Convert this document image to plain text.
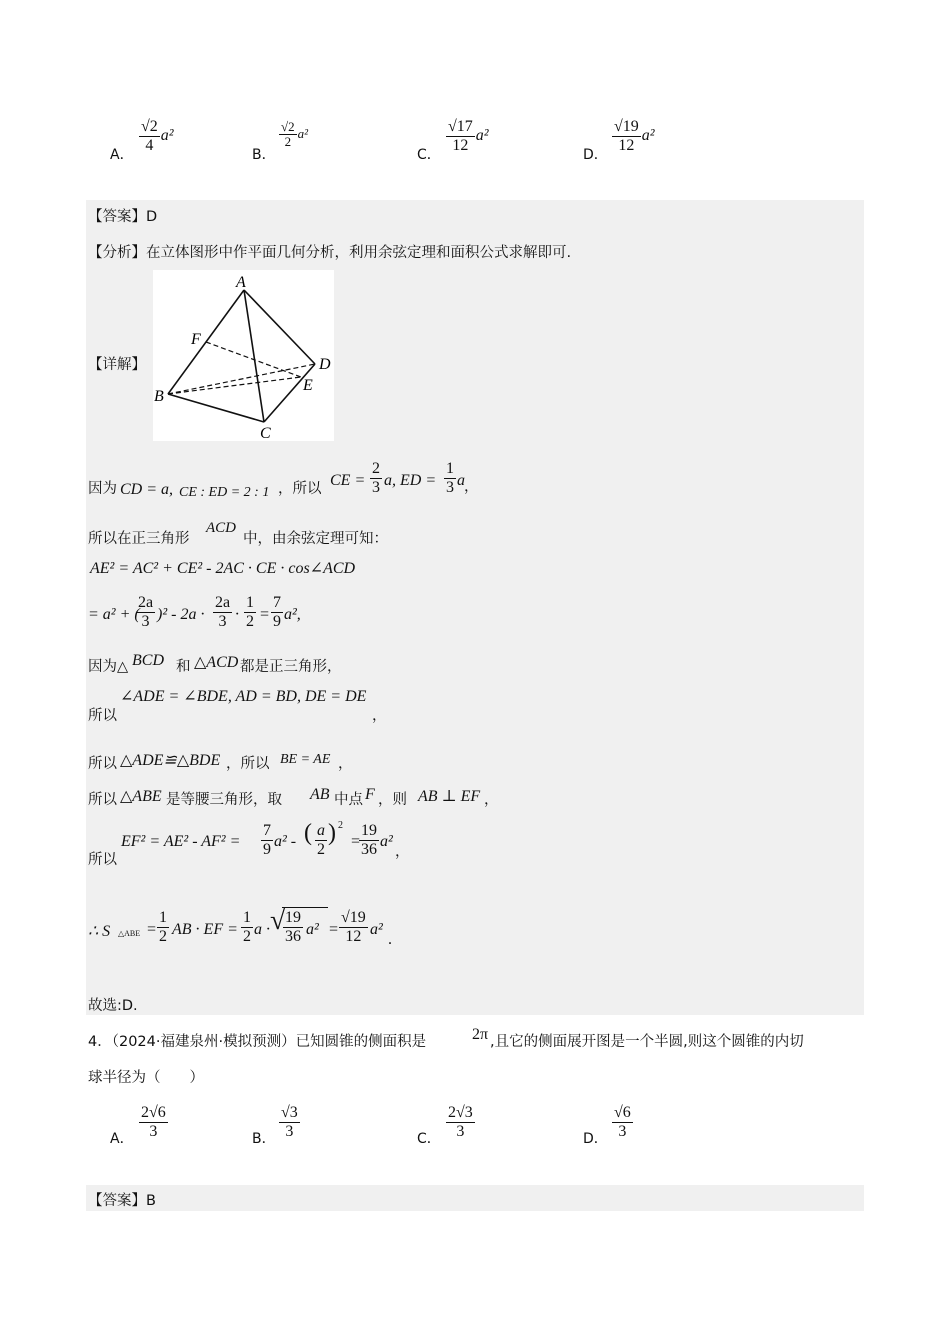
A．
$\frac{√2}{4} a^2$
B．
$\frac{√2}{2} a^2$
C．
$\frac{√17}{12} a^2$
D．
$\frac{√19}{12} a^2$
【答案】D
【分析】在立体图形中作平面几何分析，利用余弦定理和面积公式求解即可.
【详解】
A
B
C
D
E
F
因为 CD = a, CE : ED = 2 : 1 ，所以 CE = $\frac{2}{3} a$, ED = $\frac{1}{3}$ a ，
所以在正三角形
ACD
中，由余弦定理可知：
AE² = AC² + CE² - 2AC · CE · cos∠ACD
= a² + (
$\frac{2a}{3} )^2 - 2a \cdot \frac{2a}{3} \cdot \frac{1}{2} = \frac{7}{9} a^2$,
因为△ BCD 和 △ACD 都是正三角形，
∠ADE = ∠BDE, AD = BD, DE = DE
所以	，
所以 △ADE≌△BDE ，所以 BE = AE ，
所以 △ABE 是等腰三角形，取 AB 中点 F ，则 AB ⊥ EF ，
所以
$EF^2 = AE^2 - AF^2 = \frac{7}{9} a^2$ - ( $\frac{a}{2}$ ) 2
=
$\frac{19}{36} a^2$
，
∴ S △ABE = $\frac{1}{2}$ AB · EF = $\frac{1}{2}$ a · √
$\frac{19}{36} a^2 = \frac{√19}{12} a^2$
.
故选:D.
4．（2024·福建泉州·模拟预测）已知圆锥的侧面积是	2π ,且它的侧面展开图是一个半圆,则这个圆锥的内切
球半径为（　　）
A． $\frac{2√6}{3}$	B． $\frac{√3}{3}$	C． $\frac{2√3}{3}$	D． $\frac{√6}{3}$
【答案】B
